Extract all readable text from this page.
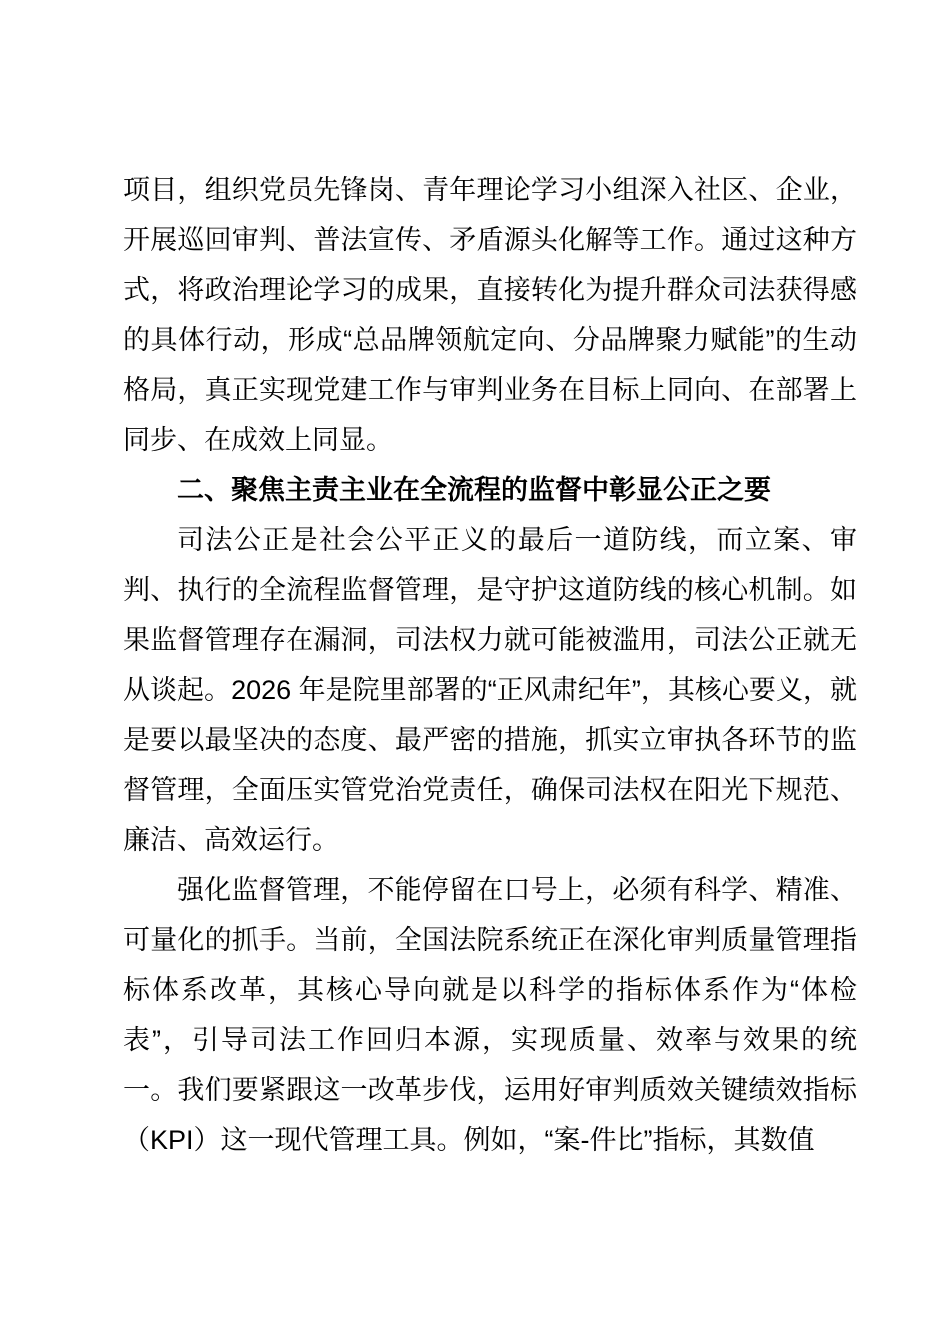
项目，组织党员先锋岗、青年理论学习小组深入社区、企业，开展巡回审判、普法宣传、矛盾源头化解等工作。通过这种方式，将政治理论学习的成果，直接转化为提升群众司法获得感的具体行动，形成“总品牌领航定向、分品牌聚力赋能”的生动格局，真正实现党建工作与审判业务在目标上同向、在部署上同步、在成效上同显。

二、聚焦主责主业在全流程的监督中彰显公正之要

司法公正是社会公平正义的最后一道防线，而立案、审判、执行的全流程监督管理，是守护这道防线的核心机制。如果监督管理存在漏洞，司法权力就可能被滥用，司法公正就无从谈起。2026 年是院里部署的“正风肃纪年”，其核心要义，就是要以最坚决的态度、最严密的措施，抓实立审执各环节的监督管理，全面压实管党治党责任，确保司法权在阳光下规范、廉洁、高效运行。

强化监督管理，不能停留在口号上，必须有科学、精准、可量化的抓手。当前，全国法院系统正在深化审判质量管理指标体系改革，其核心导向就是以科学的指标体系作为“体检表”，引导司法工作回归本源，实现质量、效率与效果的统一。我们要紧跟这一改革步伐，运用好审判质效关键绩效指标（KPI）这一现代管理工具。例如，“案-件比”指标，其数值
